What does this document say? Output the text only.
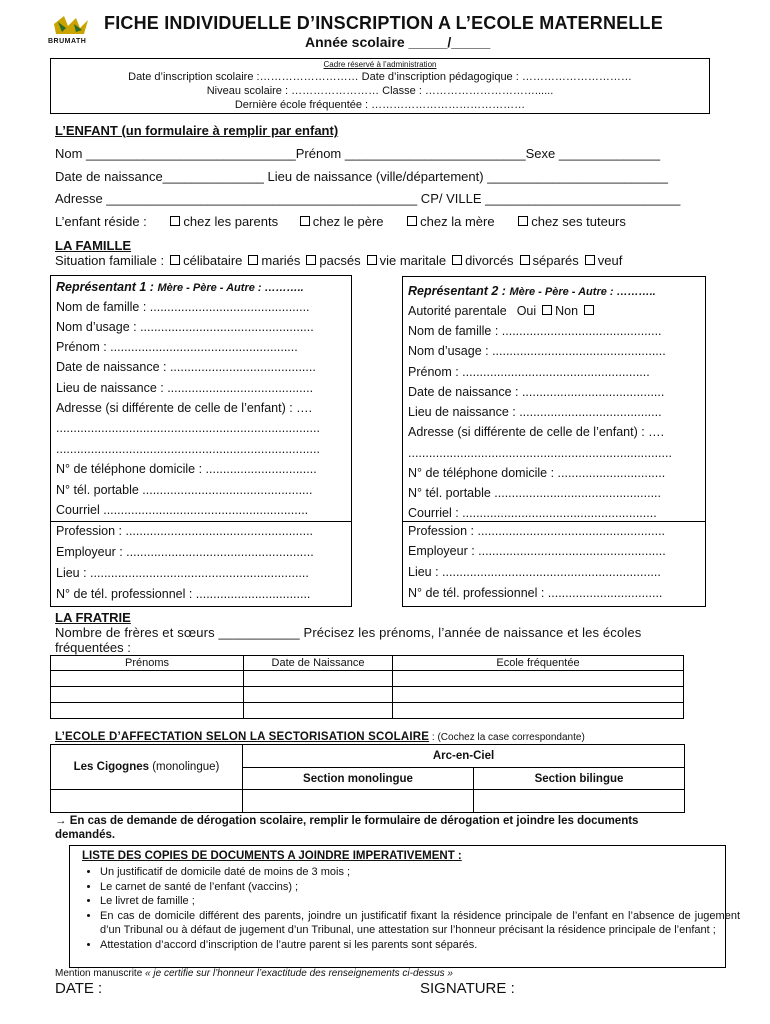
BRUMATH
FICHE INDIVIDUELLE D’INSCRIPTION A L’ECOLE MATERNELLE
Année scolaire _____/_____
Cadre réservé à l’administration
Date d’inscription scolaire :……………………… Date d’inscription pédagogique : …………………………
Niveau scolaire : …………………… Classe : …………………………......
Dernière école fréquentée : ……………………………………
L’ENFANT (un formulaire à remplir par enfant)
Nom _____________________________Prénom _________________________Sexe ______________
Date de naissance______________ Lieu de naissance (ville/département) _________________________
Adresse ___________________________________________ CP/ VILLE ___________________________
L’enfant réside :	chez les parents	chez le père	chez la mère	chez ses tuteurs
LA FAMILLE
Situation familiale : célibataire mariés pacsés vie maritale divorcés séparés veuf
Représentant 1 : Mère - Père - Autre : ………..
Nom de famille : ..............................................
Nom d’usage : ..................................................
Prénom : ......................................................
Date de naissance : ..........................................
Lieu de naissance : ..........................................
Adresse (si différente de celle de l’enfant) : ….
............................................................................
............................................................................
N° de téléphone domicile : ................................
N° tél. portable .................................................
Courriel ...........................................................
Profession : ......................................................
Employeur : ......................................................
Lieu : ...............................................................
N° de tél. professionnel : .................................
Représentant 2 : Mère - Père - Autre : ………..
Autorité parentale Oui Non
Nom de famille : ..............................................
Nom d’usage : ..................................................
Prénom : ......................................................
Date de naissance : .........................................
Lieu de naissance : .........................................
Adresse (si différente de celle de l’enfant) : ….
............................................................................
N° de téléphone domicile : ...............................
N° tél. portable ................................................
Courriel : ........................................................
Profession : ......................................................
Employeur : ......................................................
Lieu : ...............................................................
N° de tél. professionnel : .................................
LA FRATRIE
Nombre de frères et sœurs ___________ Précisez les prénoms, l’année de naissance et les écoles
fréquentées :
Prénoms	Date de Naissance	Ecole fréquentée

L’ECOLE D’AFFECTATION SELON LA SECTORISATION SCOLAIRE : (Cochez la case correspondante)
Les Cigognes (monolingue)	Arc-en-Ciel	
	Section monolingue	Section bilingue

→ En cas de demande de dérogation scolaire, remplir le formulaire de dérogation et joindre les documents
demandés.
LISTE DES COPIES DE DOCUMENTS A JOINDRE IMPERATIVEMENT :
• Un justificatif de domicile daté de moins de 3 mois ;
• Le carnet de santé de l’enfant (vaccins) ;
• Le livret de famille ;
• En cas de domicile différent des parents, joindre un justificatif fixant la résidence principale de l’enfant en l’absence de jugement d’un Tribunal ou à défaut de jugement d’un Tribunal, une attestation sur l’honneur précisant la résidence principale de l’enfant ;
• Attestation d’accord d’inscription de l’autre parent si les parents sont séparés.
Mention manuscrite « je certifie sur l’honneur l’exactitude des renseignements ci-dessus »
DATE :	SIGNATURE :
